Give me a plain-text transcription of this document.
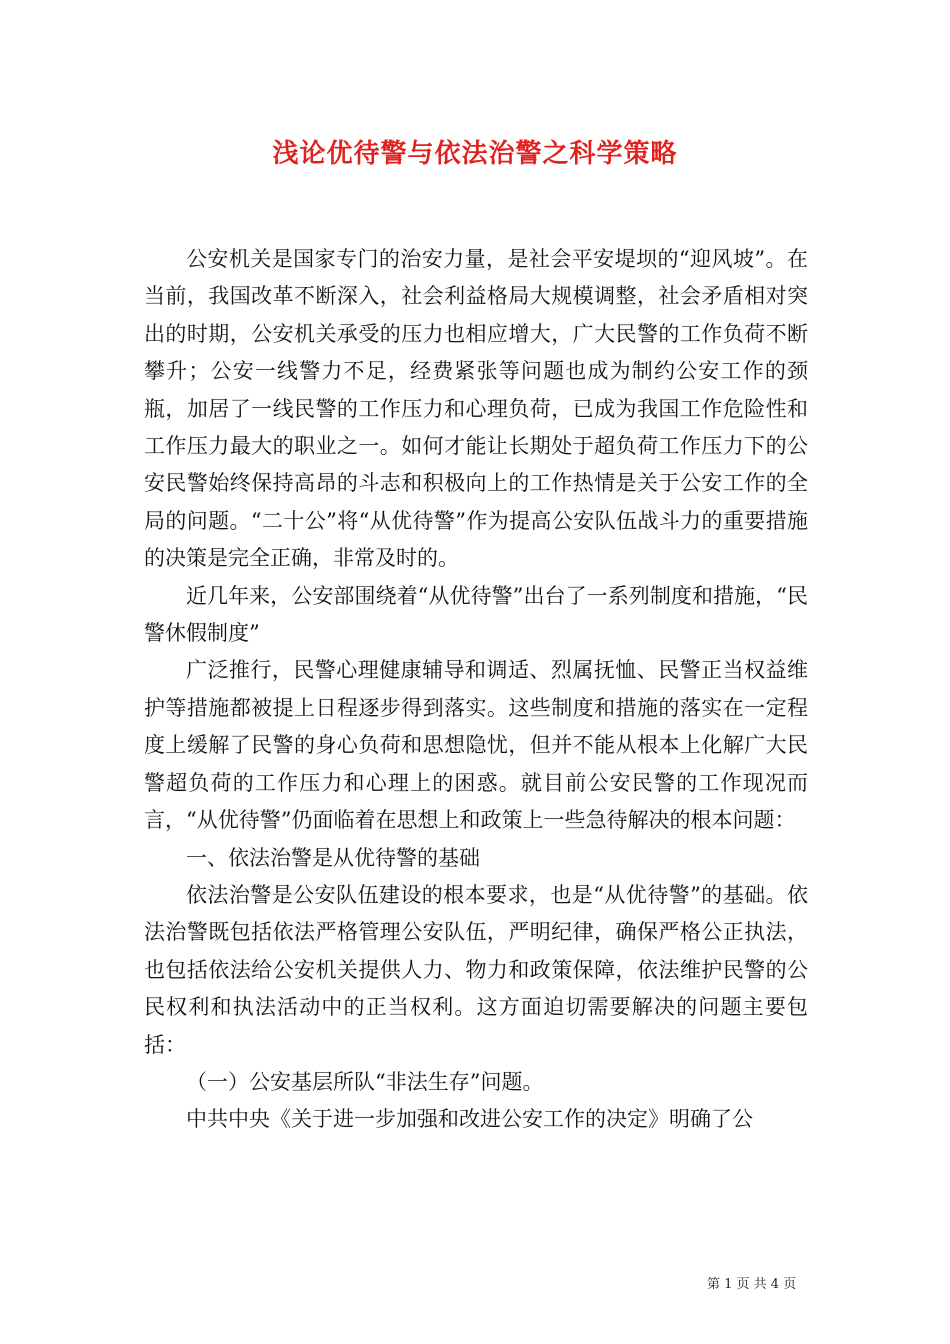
浅论优待警与依法治警之科学策略

公安机关是国家专门的治安力量，是社会平安堤坝的“迎风坡”。在当前，我国改革不断深入，社会利益格局大规模调整，社会矛盾相对突出的时期，公安机关承受的压力也相应增大，广大民警的工作负荷不断攀升；公安一线警力不足，经费紧张等问题也成为制约公安工作的颈瓶，加居了一线民警的工作压力和心理负荷，已成为我国工作危险性和工作压力最大的职业之一。如何才能让长期处于超负荷工作压力下的公安民警始终保持高昂的斗志和积极向上的工作热情是关于公安工作的全局的问题。“二十公”将“从优待警”作为提高公安队伍战斗力的重要措施的决策是完全正确，非常及时的。

近几年来，公安部围绕着“从优待警”出台了一系列制度和措施，“民警休假制度”

广泛推行，民警心理健康辅导和调适、烈属抚恤、民警正当权益维护等措施都被提上日程逐步得到落实。这些制度和措施的落实在一定程度上缓解了民警的身心负荷和思想隐忧，但并不能从根本上化解广大民警超负荷的工作压力和心理上的困惑。就目前公安民警的工作现况而言，“从优待警”仍面临着在思想上和政策上一些急待解决的根本问题：

一、依法治警是从优待警的基础

依法治警是公安队伍建设的根本要求，也是“从优待警”的基础。依法治警既包括依法严格管理公安队伍，严明纪律，确保严格公正执法，也包括依法给公安机关提供人力、物力和政策保障，依法维护民警的公民权利和执法活动中的正当权利。这方面迫切需要解决的问题主要包括：

（一）公安基层所队“非法生存”问题。

中共中央《关于进一步加强和改进公安工作的决定》明确了公

第 1 页 共 4 页
